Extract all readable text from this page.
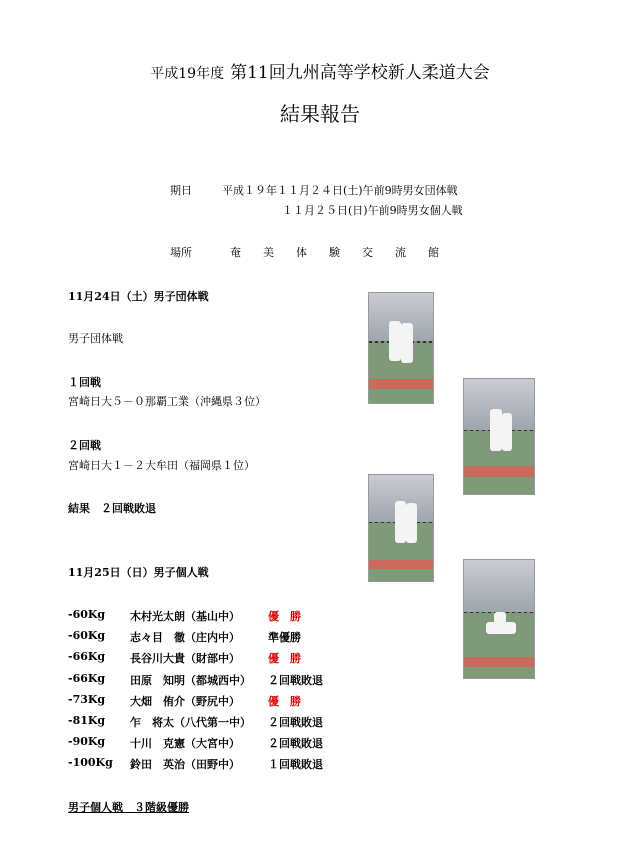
平成19年度 第11回九州高等学校新人柔道大会
結果報告
期日	平成１９年１１月２４日(土)午前9時男女団体戦
１１月２５日(日)午前9時男女個人戦
場所	奄 美 体 験 交 流 館
11月24日（土）男子団体戦
男子団体戦
１回戦
宮崎日大５－０那覇工業（沖縄県３位）
２回戦
宮崎日大１－２大牟田（福岡県１位）
結果　２回戦敗退
11月25日（日）男子個人戦
-60Kg 木村光太朗（基山中）	優　勝
-60Kg 志々目　徹（庄内中）	準優勝
-66Kg 長谷川大貴（財部中）	優　勝
-66Kg 田原　知明（都城西中） ２回戦敗退
-73Kg 大畑　侑介（野尻中）	優　勝
-81Kg 乍　将太（八代第一中） ２回戦敗退
-90Kg 十川　克憲（大宮中）	２回戦敗退
-100Kg 鈴田　英治（田野中）	１回戦敗退
男子個人戦　３階級優勝
